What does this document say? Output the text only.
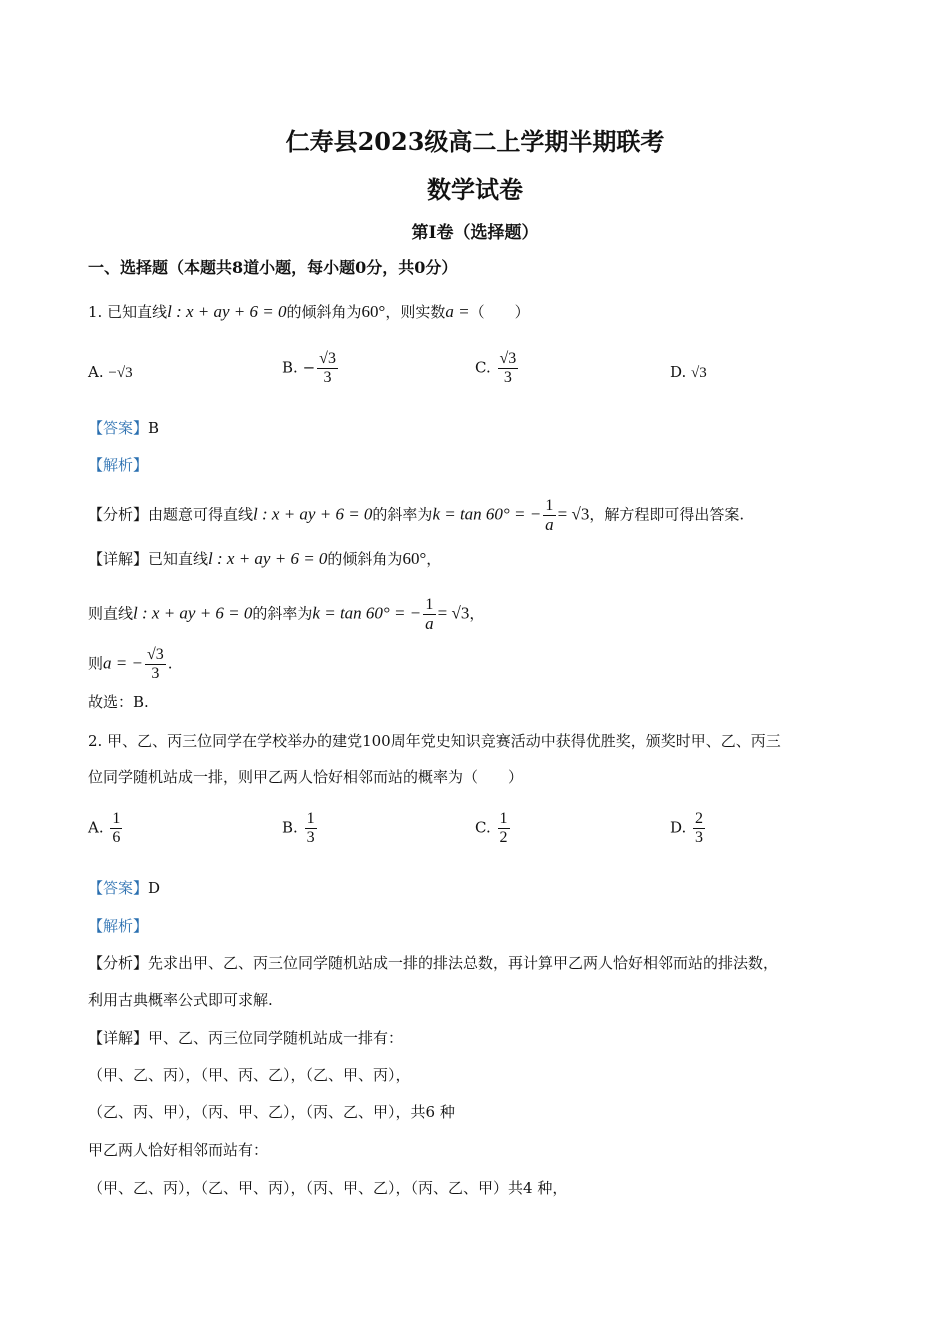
仁寿县2023级高二上学期半期联考
数学试卷
第I卷（选择题）
一、选择题（本题共8道小题，每小题0分，共0分）
1. 已知直线l : x + ay + 6 = 0的倾斜角为60°，则实数a =（　　）
A. −√3	B. − $\frac{√3}{3}$	C. $\frac{√3}{3}$	D. √3
【答案】B
【解析】
【分析】由题意可得直线l : x + ay + 6 = 0的斜率为k = tan 60° = − $\frac{1}{a} = √3$，解方程即可得出答案.
【详解】已知直线l : x + ay + 6 = 0的倾斜角为60°，
则直线l : x + ay + 6 = 0的斜率为k = tan 60° = − $\frac{1}{a} = √3$，
则a = − $\frac{√3}{3}$ .
故选：B.
2. 甲、乙、丙三位同学在学校举办的建党100周年党史知识竞赛活动中获得优胜奖，颁奖时甲、乙、丙三
位同学随机站成一排，则甲乙两人恰好相邻而站的概率为（　　）
A. $\frac{1}{6}$	B. $\frac{1}{3}$	C. $\frac{1}{2}$	D. $\frac{2}{3}$
【答案】D
【解析】
【分析】先求出甲、乙、丙三位同学随机站成一排的排法总数，再计算甲乙两人恰好相邻而站的排法数，
利用古典概率公式即可求解.
【详解】甲、乙、丙三位同学随机站成一排有：
（甲、乙、丙），（甲、丙、乙），（乙、甲、丙），
（乙、丙、甲），（丙、甲、乙），（丙、乙、甲），共6 种
甲乙两人恰好相邻而站有：
（甲、乙、丙），（乙、甲、丙），（丙、甲、乙），（丙、乙、甲）共4 种，
